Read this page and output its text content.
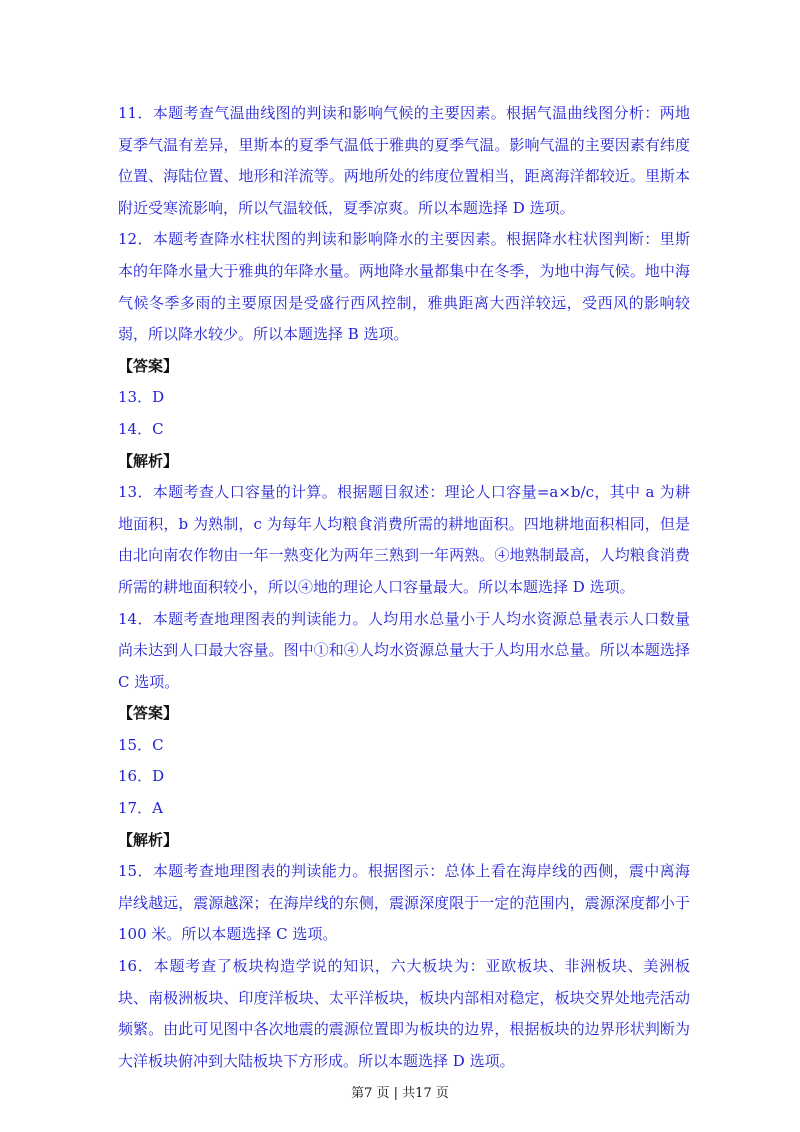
11．本题考查气温曲线图的判读和影响气候的主要因素。根据气温曲线图分析：两地夏季气温有差异，里斯本的夏季气温低于雅典的夏季气温。影响气温的主要因素有纬度位置、海陆位置、地形和洋流等。两地所处的纬度位置相当，距离海洋都较近。里斯本附近受寒流影响，所以气温较低，夏季凉爽。所以本题选择 D 选项。

12．本题考查降水柱状图的判读和影响降水的主要因素。根据降水柱状图判断：里斯本的年降水量大于雅典的年降水量。两地降水量都集中在冬季，为地中海气候。地中海气候冬季多雨的主要原因是受盛行西风控制，雅典距离大西洋较远，受西风的影响较弱，所以降水较少。所以本题选择 B 选项。

【答案】

13．D

14．C

【解析】

13．本题考查人口容量的计算。根据题目叙述：理论人口容量=a×b/c，其中 a 为耕地面积，b 为熟制，c 为每年人均粮食消费所需的耕地面积。四地耕地面积相同，但是由北向南农作物由一年一熟变化为两年三熟到一年两熟。④地熟制最高，人均粮食消费所需的耕地面积较小，所以④地的理论人口容量最大。所以本题选择 D 选项。

14．本题考查地理图表的判读能力。人均用水总量小于人均水资源总量表示人口数量尚未达到人口最大容量。图中①和④人均水资源总量大于人均用水总量。所以本题选择 C 选项。

【答案】

15．C

16．D

17．A

【解析】

15．本题考查地理图表的判读能力。根据图示：总体上看在海岸线的西侧，震中离海岸线越远，震源越深；在海岸线的东侧，震源深度限于一定的范围内，震源深度都小于 100 米。所以本题选择 C 选项。

16．本题考查了板块构造学说的知识，六大板块为：亚欧板块、非洲板块、美洲板块、南极洲板块、印度洋板块、太平洋板块，板块内部相对稳定，板块交界处地壳活动频繁。由此可见图中各次地震的震源位置即为板块的边界，根据板块的边界形状判断为大洋板块俯冲到大陆板块下方形成。所以本题选择 D 选项。

第7 页 | 共17 页
